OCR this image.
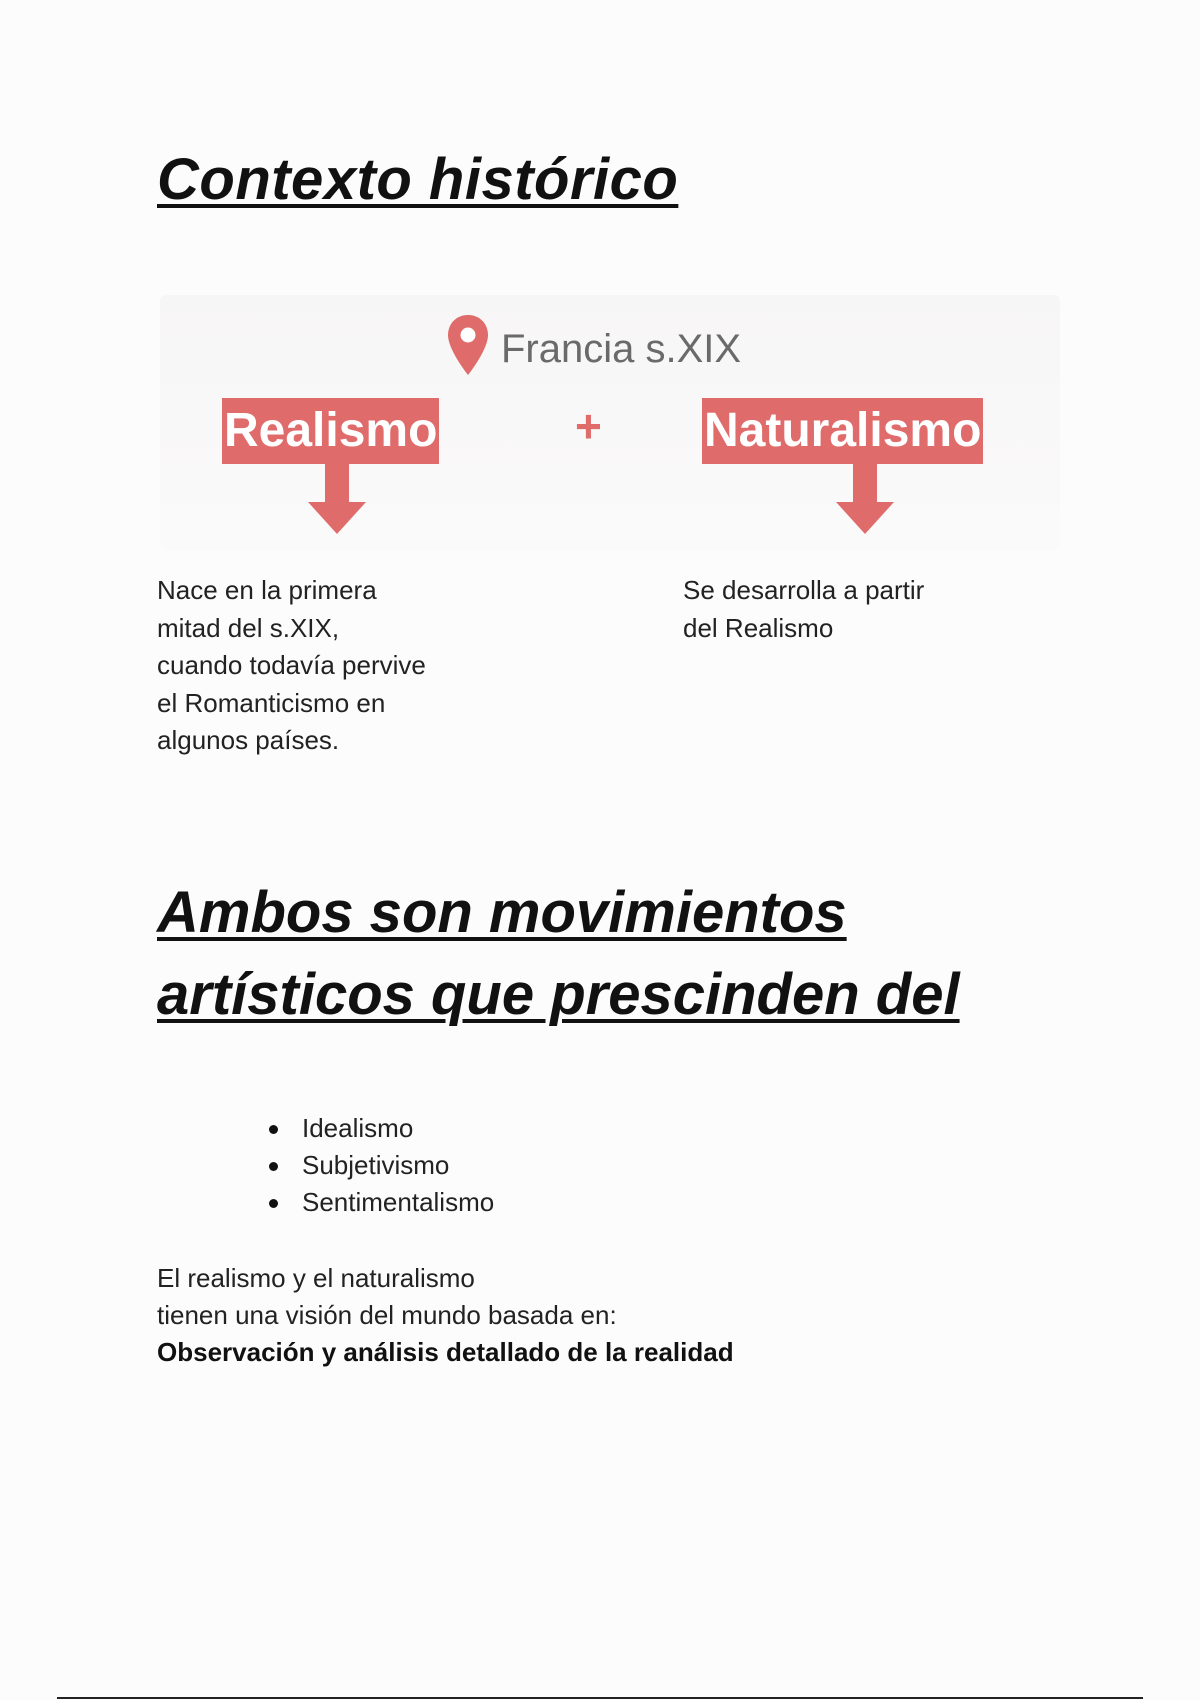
Contexto histórico
Francia s.XIX
Realismo	+ Naturalismo
Nace en la primera
mitad del s.XIX,
cuando todavía pervive
el Romanticismo en
algunos países.
Se desarrolla a partir
del Realismo
Ambos son movimientos artísticos que prescinden del
Idealismo
Subjetivismo
Sentimentalismo
El realismo y el naturalismo
tienen una visión del mundo basada en:
Observación y análisis detallado de la realidad
